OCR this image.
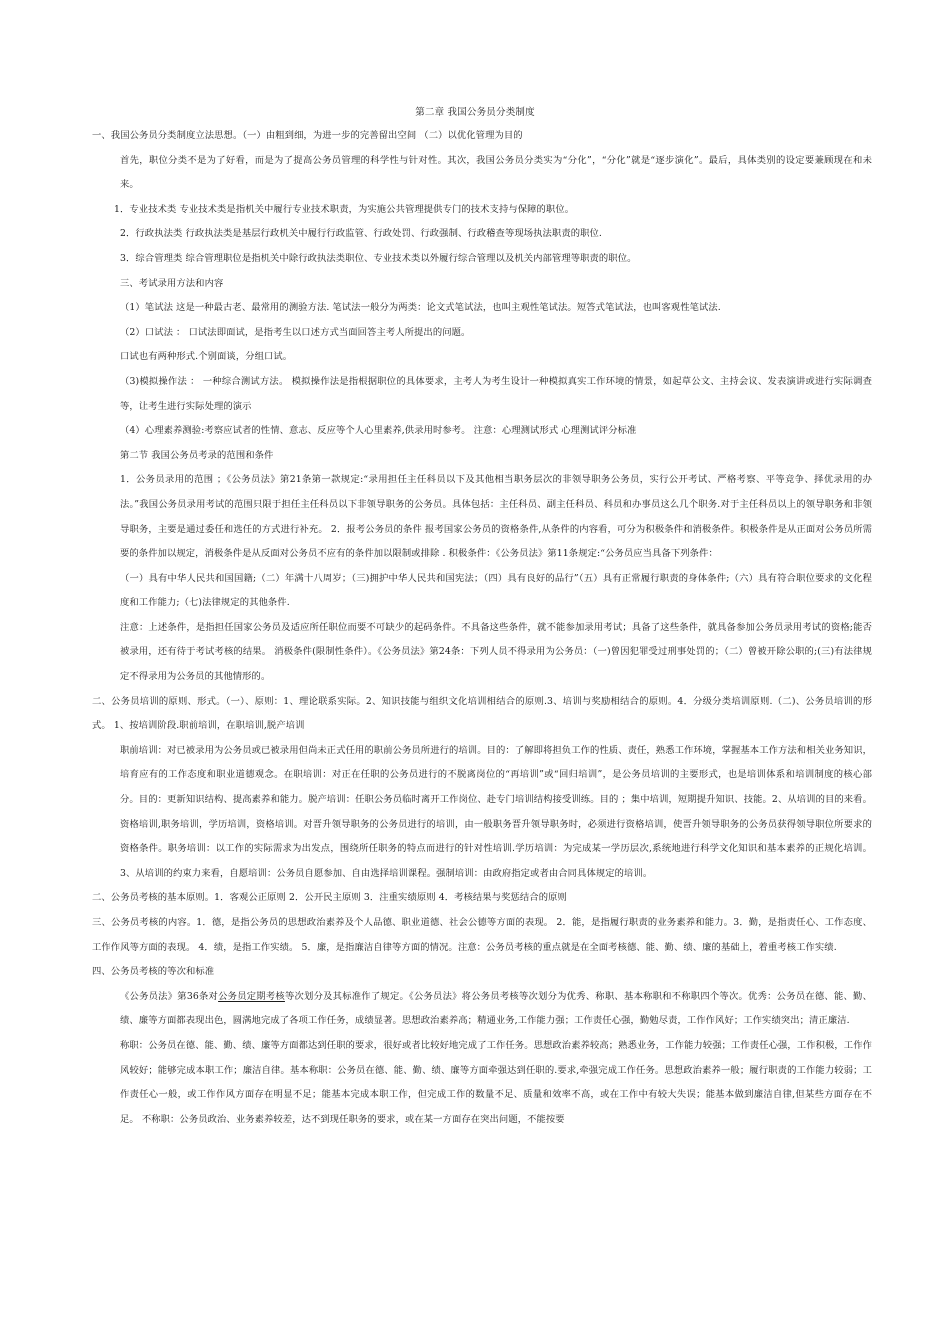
第二章 我国公务员分类制度

一、我国公务员分类制度立法思想。（一）由粗到细，为进一步的完善留出空间 （二）以优化管理为目的

首先，职位分类不是为了好看，而是为了提高公务员管理的科学性与针对性。其次，我国公务员分类实为“分化”，“分化”就是“逐步演化”。最后，具体类别的设定要兼顾现在和未来。

1．专业技术类 专业技术类是指机关中履行专业技术职责，为实施公共管理提供专门的技术支持与保障的职位。

2．行政执法类 行政执法类是基层行政机关中履行行政监管、行政处罚、行政强制、行政稽查等现场执法职责的职位.

3．综合管理类 综合管理职位是指机关中除行政执法类职位、专业技术类以外履行综合管理以及机关内部管理等职责的职位。

三、考试录用方法和内容

（1）笔试法 这是一种最古老、最常用的测验方法. 笔试法一般分为两类：论文式笔试法，也叫主观性笔试法。短答式笔试法，也叫客观性笔试法.

（2）口试法 ： 口试法即面试，是指考生以口述方式当面回答主考人所提出的问题。

口试也有两种形式.个别面谈，分组口试。

（3)模拟操作法 ： 一种综合测试方法。 模拟操作法是指根据职位的具体要求，主考人为考生设计一种模拟真实工作环境的情景，如起草公文、主持会议、发表演讲或进行实际调查等，让考生进行实际处理的演示

（4）心理素养测验:考察应试者的性情、意志、反应等个人心里素养,供录用时参考。 注意：心理测试形式 心理测试评分标准

第二节 我国公务员考录的范围和条件

1．公务员录用的范围 ；《公务员法》第21条第一款规定:“录用担任主任科员以下及其他相当职务层次的非领导职务公务员，实行公开考试、严格考察、平等竞争、择优录用的办法。”我国公务员录用考试的范围只限于担任主任科员以下非领导职务的公务员。具体包括：主任科员、副主任科员、科员和办事员这么几个职务.对于主任科员以上的领导职务和非领导职务，主要是通过委任和选任的方式进行补充。 2．报考公务员的条件 报考国家公务员的资格条件,从条件的内容看，可分为积极条件和消极条件。积极条件是从正面对公务员所需要的条件加以规定，消极条件是从反面对公务员不应有的条件加以限制或排除 . 积极条件：《公务员法》第11条规定:“公务员应当具备下列条件：

（一）具有中华人民共和国国籍;（二）年满十八周岁；（三)拥护中华人民共和国宪法；（四）具有良好的品行”（五）具有正常履行职责的身体条件;（六）具有符合职位要求的文化程度和工作能力;（七)法律规定的其他条件.

注意：上述条件，是指担任国家公务员及适应所任职位而要不可缺少的起码条件。不具备这些条件，就不能参加录用考试；具备了这些条件，就具备参加公务员录用考试的资格;能否被录用，还有待于考试考核的结果。 消极条件(限制性条件）。《公务员法》第24条：下列人员不得录用为公务员：（一)曾因犯罪受过刑事处罚的；（二）曾被开除公职的;(三)有法律规定不得录用为公务员的其他情形的。

二、公务员培训的原则、形式。（一）、原则：1、理论联系实际。2、知识技能与组织文化培训相结合的原则.3、培训与奖励相结合的原则。4．分级分类培训原则.（二)、公务员培训的形式。 1、按培训阶段.职前培训，在职培训,脱产培训

职前培训：对已被录用为公务员或已被录用但尚未正式任用的职前公务员所进行的培训。目的：了解即将担负工作的性质、责任，熟悉工作环境，掌握基本工作方法和相关业务知识，培育应有的工作态度和职业道德观念。在职培训：对正在任职的公务员进行的不脱离岗位的“再培训”或“回归培训”，是公务员培训的主要形式，也是培训体系和培训制度的核心部分。目的：更新知识结构、提高素养和能力。脱产培训：任职公务员临时离开工作岗位、赴专门培训结构接受训练。目的 ；集中培训，短期提升知识、技能。2、从培训的目的来看。资格培训,职务培训，学历培训，资格培训。对晋升领导职务的公务员进行的培训，由一般职务晋升领导职务时，必须进行资格培训，使晋升领导职务的公务员获得领导职位所要求的资格条件。职务培训：以工作的实际需求为出发点，围绕所任职务的特点而进行的针对性培训.学历培训：为完成某一学历层次,系统地进行科学文化知识和基本素养的正规化培训。 3、从培训的约束力来看，自愿培训：公务员自愿参加、自由选择培训课程。强制培训：由政府指定或者由合同具体规定的培训。

二、公务员考核的基本原则。1．客观公正原则 2．公开民主原则 3．注重实绩原则 4．考核结果与奖惩结合的原则

三、公务员考核的内容。1．德，是指公务员的思想政治素养及个人品德、职业道德、社会公德等方面的表现。 2．能，是指履行职责的业务素养和能力。3．勤，是指责任心、工作态度、工作作风等方面的表现。 4．绩，是指工作实绩。 5．廉，是指廉洁自律等方面的情况。注意：公务员考核的重点就是在全面考核德、能、勤、绩、廉的基础上，着重考核工作实绩.

四、公务员考核的等次和标准

《公务员法》第36条对公务员定期考核等次划分及其标准作了规定。《公务员法》将公务员考核等次划分为优秀、称职、基本称职和不称职四个等次。优秀：公务员在德、能、勤、绩、廉等方面都表现出色，圆满地完成了各项工作任务，成绩显著。思想政治素养高；精通业务,工作能力强；工作责任心强，勤勉尽责，工作作风好；工作实绩突出；清正廉洁.

称职：公务员在德、能、勤、绩、廉等方面都达到任职的要求，很好或者比较好地完成了工作任务。思想政治素养较高；熟悉业务，工作能力较强；工作责任心强，工作积极，工作作风较好；能够完成本职工作；廉洁自律。基本称职：公务员在德、能、勤、绩、廉等方面牵强达到任职的.要求,牵强完成工作任务。思想政治素养一般；履行职责的工作能力较弱；工作责任心一般，或工作作风方面存在明显不足；能基本完成本职工作，但完成工作的数量不足、质量和效率不高，或在工作中有较大失误；能基本做到廉洁自律,但某些方面存在不足。 不称职：公务员政治、业务素养较差，达不到现任职务的要求，或在某一方面存在突出问题，不能按要
